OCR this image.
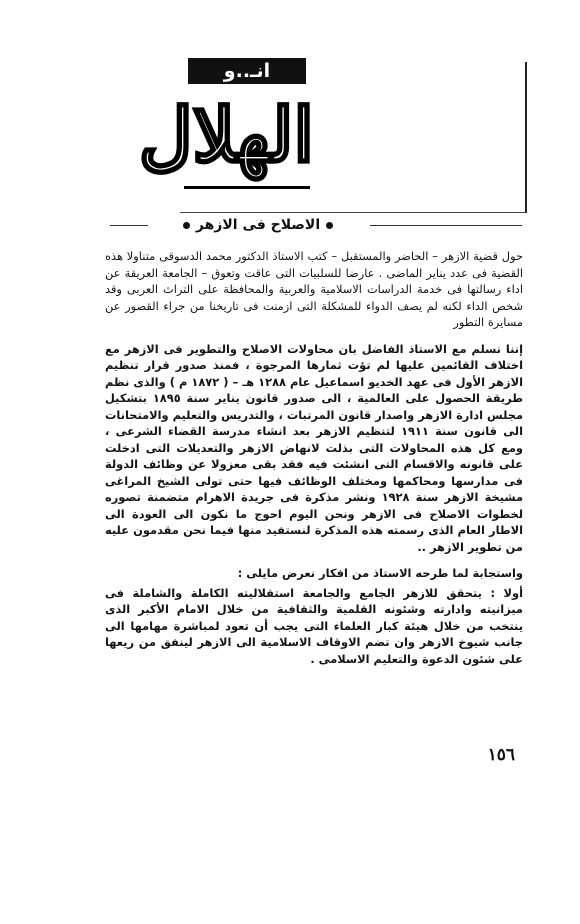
انـ..و
الهلال
الاصلاح فى الازهر

حول قضية الازهر – الحاضر والمستقبل – كتب الاستاذ الدكتور محمد الدسوقى متناولا هذه القضية فى عدد يناير الماضى . عارضا للسلبيات التى عاقت وتعوق – الجامعة العريقة عن اداء رسالتها فى خدمة الدراسات الاسلامية والعربية والمحافظة على التراث العربى وقد شخص الداء لكنه لم يصف الدواء للمشكلة التى ازمنت فى تاريخنا من جراء القصور عن مسايرة التطور

إننا نسلم مع الاستاذ الفاضل بان محاولات الاصلاح والتطوير فى الازهر مع اختلاف القائمين عليها لم تؤت ثمارها المرجوة ، فمنذ صدور قرار تنظيم الازهر الأول فى عهد الخديو اسماعيل عام ١٢٨٨ هـ – ( ١٨٧٢ م ) والذى نظم طريقة الحصول على العالمية ، الى صدور قانون يناير سنة ١٨٩٥ بتشكيل مجلس ادارة الازهر واصدار قانون المرتبات ، والتدريس والتعليم والامتحانات الى قانون سنة ١٩١١ لتنظيم الازهر بعد انشاء مدرسة القضاء الشرعى ، ومع كل هذه المحاولات التى بذلت لانهاض الازهر والتعديلات التى ادخلت على قانونه والاقسام التى انشئت فيه فقد بقى معزولا عن وظائف الدولة فى مدارسها ومحاكمها ومختلف الوظائف فيها حتى تولى الشيخ المراغى مشيخة الازهر سنة ١٩٢٨ ونشر مذكرة فى جريدة الاهرام متضمنة تصوره لخطوات الاصلاح فى الازهر ونحن اليوم احوج ما نكون الى العودة الى الاطار العام الذى رسمته هذه المذكرة لنستفيد منها فيما نحن مقدمون عليه من تطوير الازهر ..

واستجابة لما طرحه الاستاذ من افكار نعرض مايلى :

أولا : يتحقق للازهر الجامع والجامعة استقلاليته الكاملة والشاملة فى ميزانيته وادارته وشئونه القلمية والثقافية من خلال الامام الأكبر الذى ينتخب من خلال هيئة كبار العلماء التى يجب أن تعود لمباشرة مهامها الى جانب شيوخ الازهر وان تضم الاوقاف الاسلامية الى الازهر لينفق من ريعها على شئون الدعوة والتعليم الاسلامى .

١٥٦
